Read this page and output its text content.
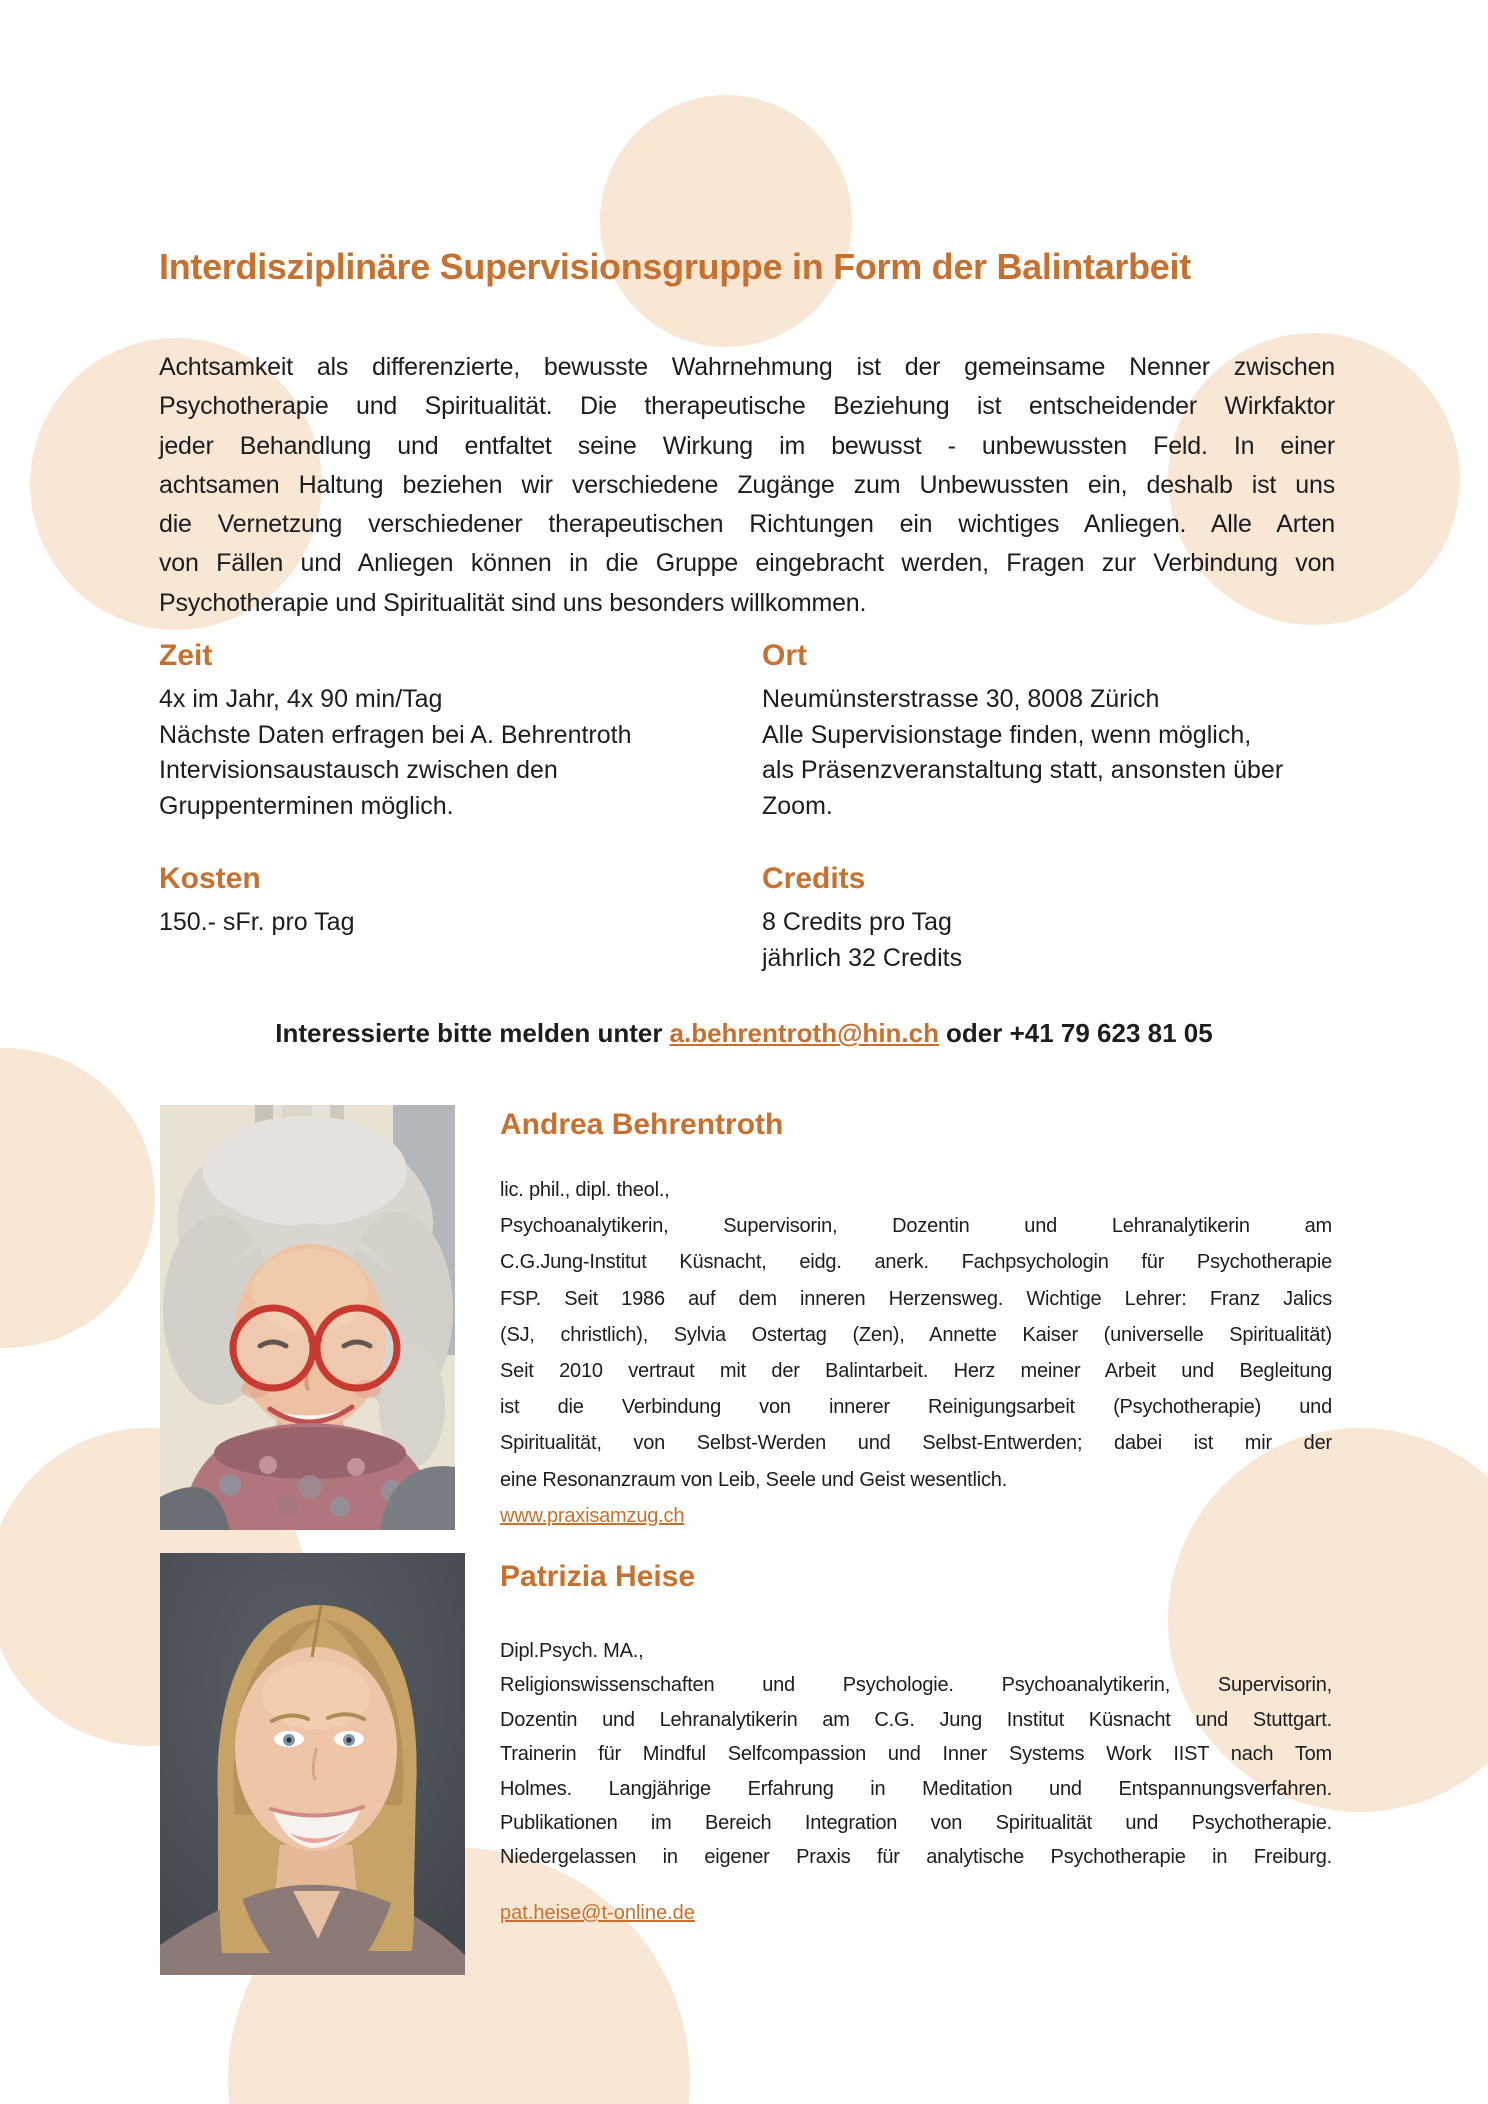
Interdisziplinäre Supervisionsgruppe in Form der Balintarbeit
Achtsamkeit als differenzierte, bewusste Wahrnehmung ist der gemeinsame Nenner zwischen
Psychotherapie und Spiritualität. Die therapeutische Beziehung ist entscheidender Wirkfaktor
jeder Behandlung und entfaltet seine Wirkung im bewusst - unbewussten Feld. In einer
achtsamen Haltung beziehen wir verschiedene Zugänge zum Unbewussten ein, deshalb ist uns
die Vernetzung verschiedener therapeutischen Richtungen ein wichtiges Anliegen. Alle Arten
von Fällen und Anliegen können in die Gruppe eingebracht werden, Fragen zur Verbindung von
Psychotherapie und Spiritualität sind uns besonders willkommen.
Zeit
4x im Jahr, 4x 90 min/Tag
Nächste Daten erfragen bei A. Behrentroth
Intervisionsaustausch zwischen den
Gruppenterminen möglich.
Ort
Neumünsterstrasse 30, 8008 Zürich
Alle Supervisionstage finden, wenn möglich,
als Präsenzveranstaltung statt, ansonsten über
Zoom.
Kosten
150.- sFr. pro Tag
Credits
8 Credits pro Tag
jährlich 32 Credits
Interessierte bitte melden unter a.behrentroth@hin.ch oder +41 79 623 81 05
Andrea Behrentroth
lic. phil., dipl. theol.,
Psychoanalytikerin, Supervisorin, Dozentin und Lehranalytikerin am
C.G.Jung-Institut Küsnacht, eidg. anerk. Fachpsychologin für Psychotherapie
FSP. Seit 1986 auf dem inneren Herzensweg. Wichtige Lehrer: Franz Jalics
(SJ, christlich), Sylvia Ostertag (Zen), Annette Kaiser (universelle Spiritualität)
Seit 2010 vertraut mit der Balintarbeit. Herz meiner Arbeit und Begleitung
ist die Verbindung von innerer Reinigungsarbeit (Psychotherapie) und
Spiritualität, von Selbst-Werden und Selbst-Entwerden; dabei ist mir der
eine Resonanzraum von Leib, Seele und Geist wesentlich.
www.praxisamzug.ch
Patrizia Heise
Dipl.Psych. MA.,
Religionswissenschaften und Psychologie. Psychoanalytikerin, Supervisorin,
Dozentin und Lehranalytikerin am C.G. Jung Institut Küsnacht und Stuttgart.
Trainerin für Mindful Selfcompassion und Inner Systems Work IIST nach Tom
Holmes. Langjährige Erfahrung in Meditation und Entspannungsverfahren.
Publikationen im Bereich Integration von Spiritualität und Psychotherapie.
Niedergelassen in eigener Praxis für analytische Psychotherapie in Freiburg.
pat.heise@t-online.de
